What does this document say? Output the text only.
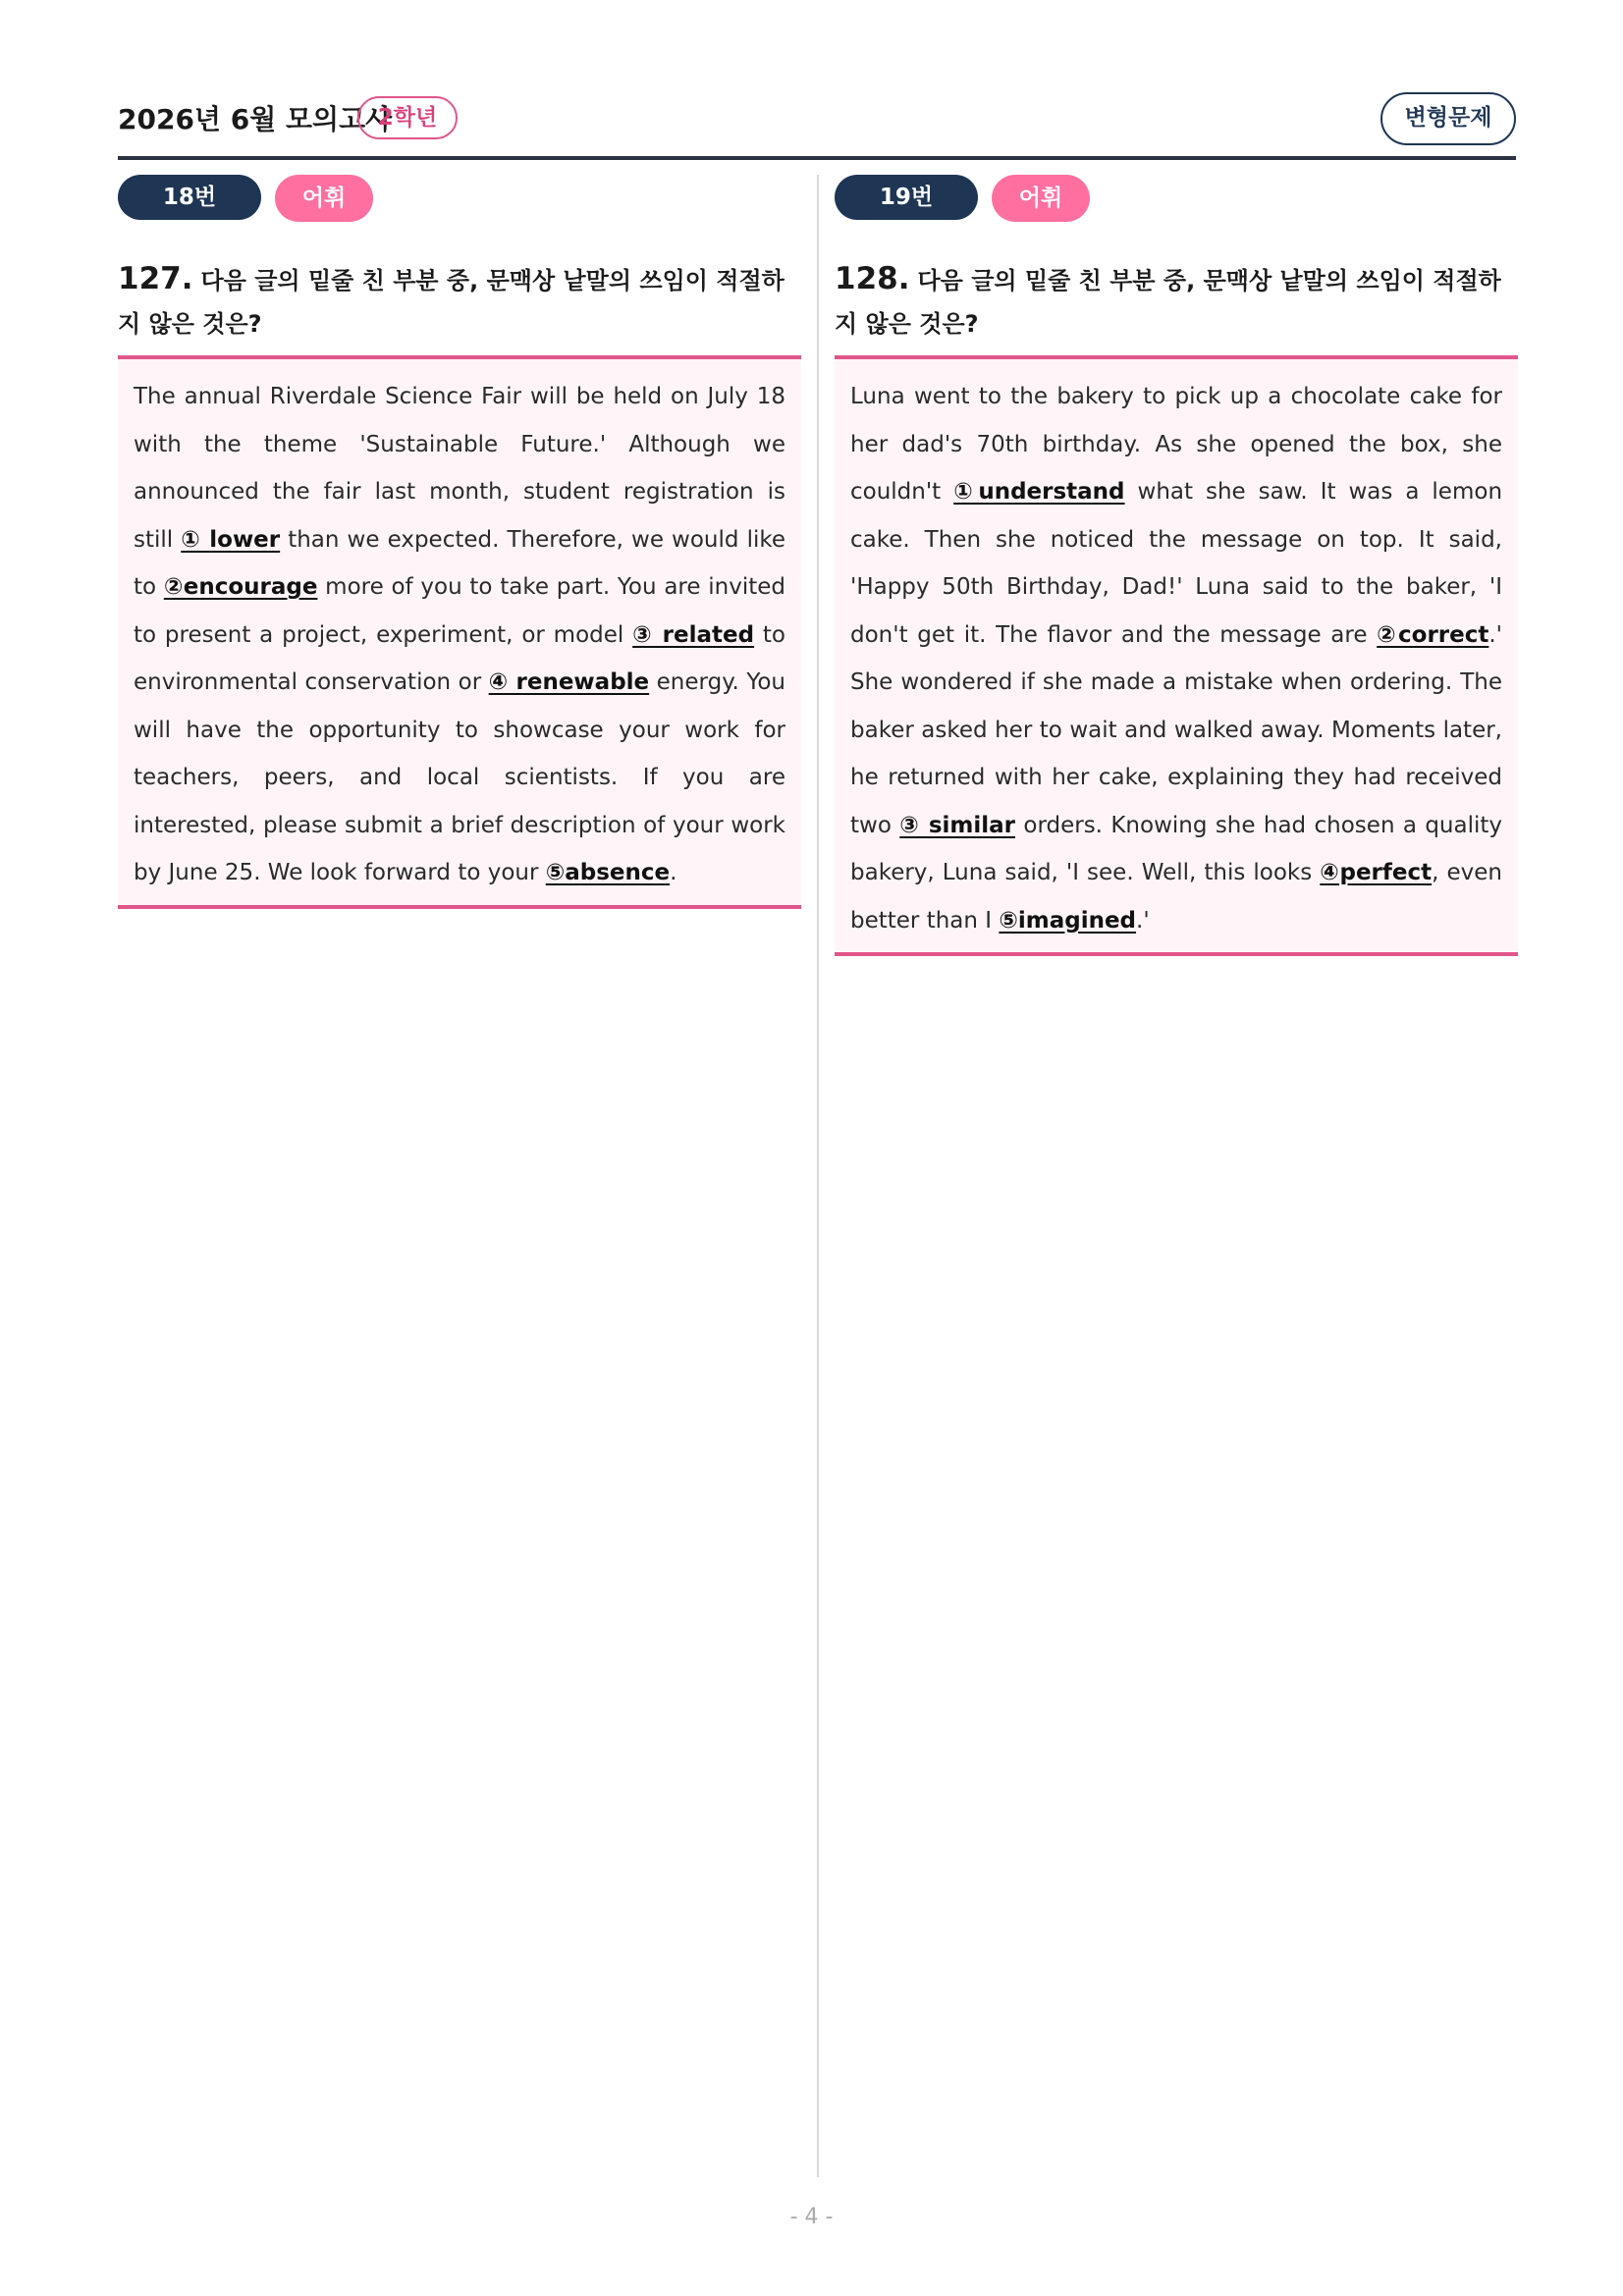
2026년 6월 모의고사
2학년	변형문제
18번	어휘
127. 다음 글의 밑줄 친 부분 중, 문맥상 낱말의 쓰임이 적절하지 않은 것은?
The annual Riverdale Science Fair will be held on July 18 with the theme 'Sustainable Future.' Although we announced the fair last month, student registration is still ① lower than we expected. Therefore, we would like to ②encourage more of you to take part. You are invited to present a project, experiment, or model ③ related to environmental conservation or ④ renewable energy. You will have the opportunity to showcase your work for teachers, peers, and local scientists. If you are interested, please submit a brief description of your work by June 25. We look forward to your ⑤absence.
19번	어휘
128. 다음 글의 밑줄 친 부분 중, 문맥상 낱말의 쓰임이 적절하지 않은 것은?
Luna went to the bakery to pick up a chocolate cake for her dad's 70th birthday. As she opened the box, she couldn't ①understand what she saw. It was a lemon cake. Then she noticed the message on top. It said, 'Happy 50th Birthday, Dad!' Luna said to the baker, 'I don't get it. The flavor and the message are ②correct.' She wondered if she made a mistake when ordering. The baker asked her to wait and walked away. Moments later, he returned with her cake, explaining they had received two ③ similar orders. Knowing she had chosen a quality bakery, Luna said, 'I see. Well, this looks ④perfect, even better than I ⑤imagined.'
- 4 -
